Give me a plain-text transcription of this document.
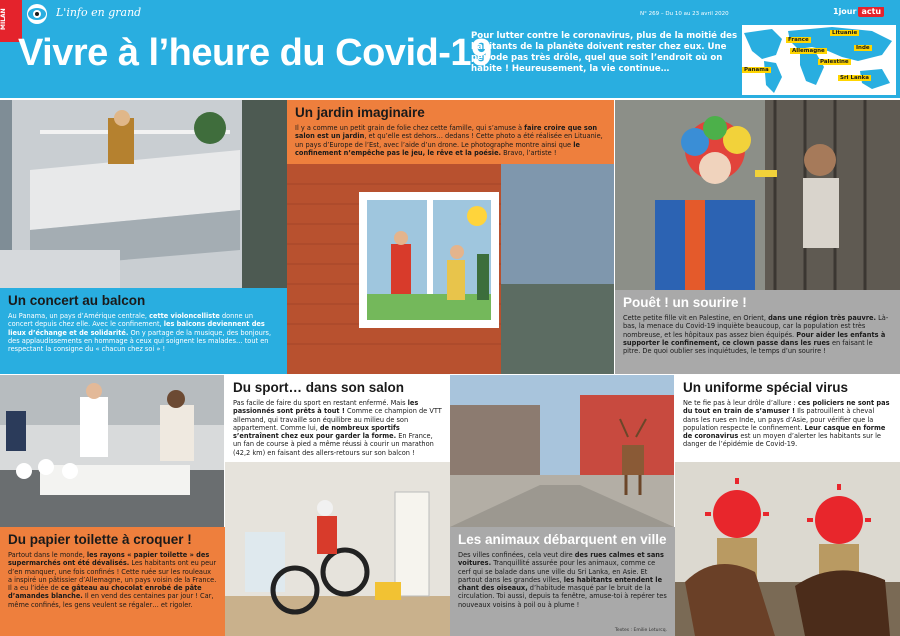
MILAN	L'info en grand	N° 269 – Du 10 au 23 avril 2020	1jour actu
Vivre à l’heure du Covid-19
Pour lutter contre le coronavirus, plus de la moitié des habitants de la planète doivent rester chez eux. Une période pas très drôle, quel que soit l’endroit où on habite ! Heureusement, la vie continue…
Lituanie
France
Allemagne	Inde
Palestine
Panama
Sri Lanka
Un concert au balcon

Au Panama, un pays d’Amérique centrale, cette violoncelliste donne un concert depuis chez elle. Avec le confinement, les balcons deviennent des lieux d’échange et de solidarité. On y partage de la musique, des bonjours, des applaudissements en hommage à ceux qui soignent les malades… tout en respectant la consigne du « chacun chez soi » !

Un jardin imaginaire

Il y a comme un petit grain de folie chez cette famille, qui s’amuse à faire croire que son salon est un jardin, et qu’elle est dehors… dedans ! Cette photo a été réalisée en Lituanie, un pays d’Europe de l’Est, avec l’aide d’un drone. Le photographe montre ainsi que le confinement n’empêche pas le jeu, le rêve et la poésie. Bravo, l’artiste !

Pouêt ! un sourire !

Cette petite fille vit en Palestine, en Orient, dans une région très pauvre. Là-bas, la menace du Covid-19 inquiète beaucoup, car la population est très nombreuse, et les hôpitaux pas assez bien équipés. Pour aider les enfants à supporter le confinement, ce clown passe dans les rues en faisant le pitre. De quoi oublier ses inquiétudes, le temps d’un sourire !

Du sport… dans son salon

Pas facile de faire du sport en restant enfermé. Mais les passionnés sont prêts à tout ! Comme ce champion de VTT allemand, qui travaille son équilibre au milieu de son appartement. Comme lui, de nombreux sportifs s’entraînent chez eux pour garder la forme. En France, un fan de course à pied a même réussi à courir un marathon (42,2 km) en faisant des allers-retours sur son balcon !

Un uniforme spécial virus

Ne te fie pas à leur drôle d’allure : ces policiers ne sont pas du tout en train de s’amuser ! Ils patrouillent à cheval dans les rues en Inde, un pays d’Asie, pour vérifier que la population respecte le confinement. Leur casque en forme de coronavirus est un moyen d’alerter les habitants sur le danger de l’épidémie de Covid-19.

Du papier toilette à croquer !

Partout dans le monde, les rayons « papier toilette » des supermarchés ont été dévalisés. Les habitants ont eu peur d’en manquer, une fois confinés ! Cette ruée sur les rouleaux a inspiré un pâtissier d’Allemagne, un pays voisin de la France. Il a eu l’idée de ce gâteau au chocolat enrobé de pâte d’amandes blanche. Il en vend des centaines par jour ! Car, même confinés, les gens veulent se régaler… et rigoler.

Les animaux débarquent en ville

Des villes confinées, cela veut dire des rues calmes et sans voitures. Tranquillité assurée pour les animaux, comme ce cerf qui se balade dans une ville du Sri Lanka, en Asie. Et partout dans les grandes villes, les habitants entendent le chant des oiseaux, d’habitude masqué par le bruit de la circulation. Toi aussi, depuis ta fenêtre, amuse-toi à repérer tes nouveaux voisins à poil ou à plume !

Textes : Emilie Leturcq.
